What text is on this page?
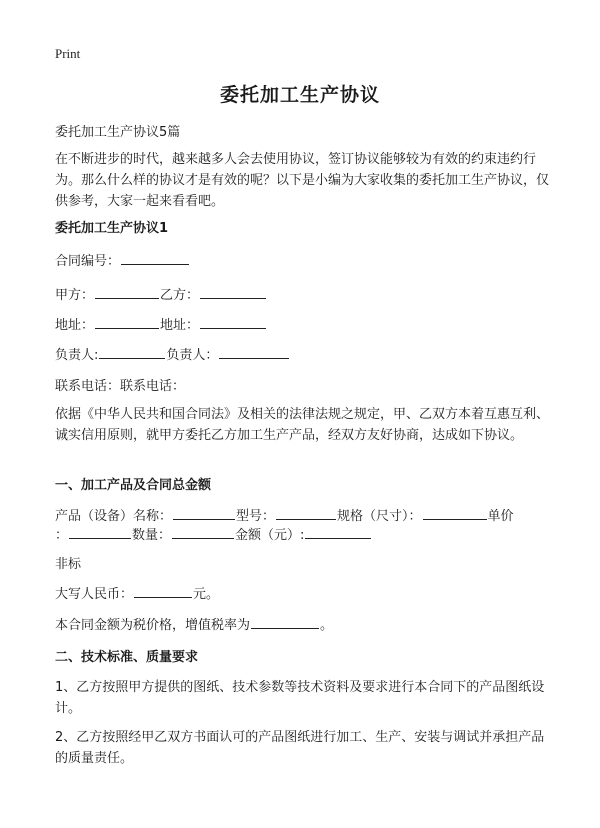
Print
委托加工生产协议
委托加工生产协议5篇
在不断进步的时代，越来越多人会去使用协议，签订协议能够较为有效的约束违约行为。那么什么样的协议才是有效的呢？以下是小编为大家收集的委托加工生产协议，仅供参考，大家一起来看看吧。
委托加工生产协议1
合同编号：
甲方：	乙方：
地址：	地址：
负责人:	负责人：
联系电话：联系电话：
依据《中华人民共和国合同法》及相关的法律法规之规定，甲、乙双方本着互惠互利、诚实信用原则，就甲方委托乙方加工生产产品，经双方友好协商，达成如下协议。
一、加工产品及合同总金额
产品（设备）名称：	型号：	规格（尺寸）：	单价
：	数量：	金额（元）:
非标
大写人民币：	元。
本合同金额为税价格，增值税率为	。
二、技术标准、质量要求
1、乙方按照甲方提供的图纸、技术参数等技术资料及要求进行本合同下的产品图纸设计。
2、乙方按照经甲乙双方书面认可的产品图纸进行加工、生产、安装与调试并承担产品的质量责任。
